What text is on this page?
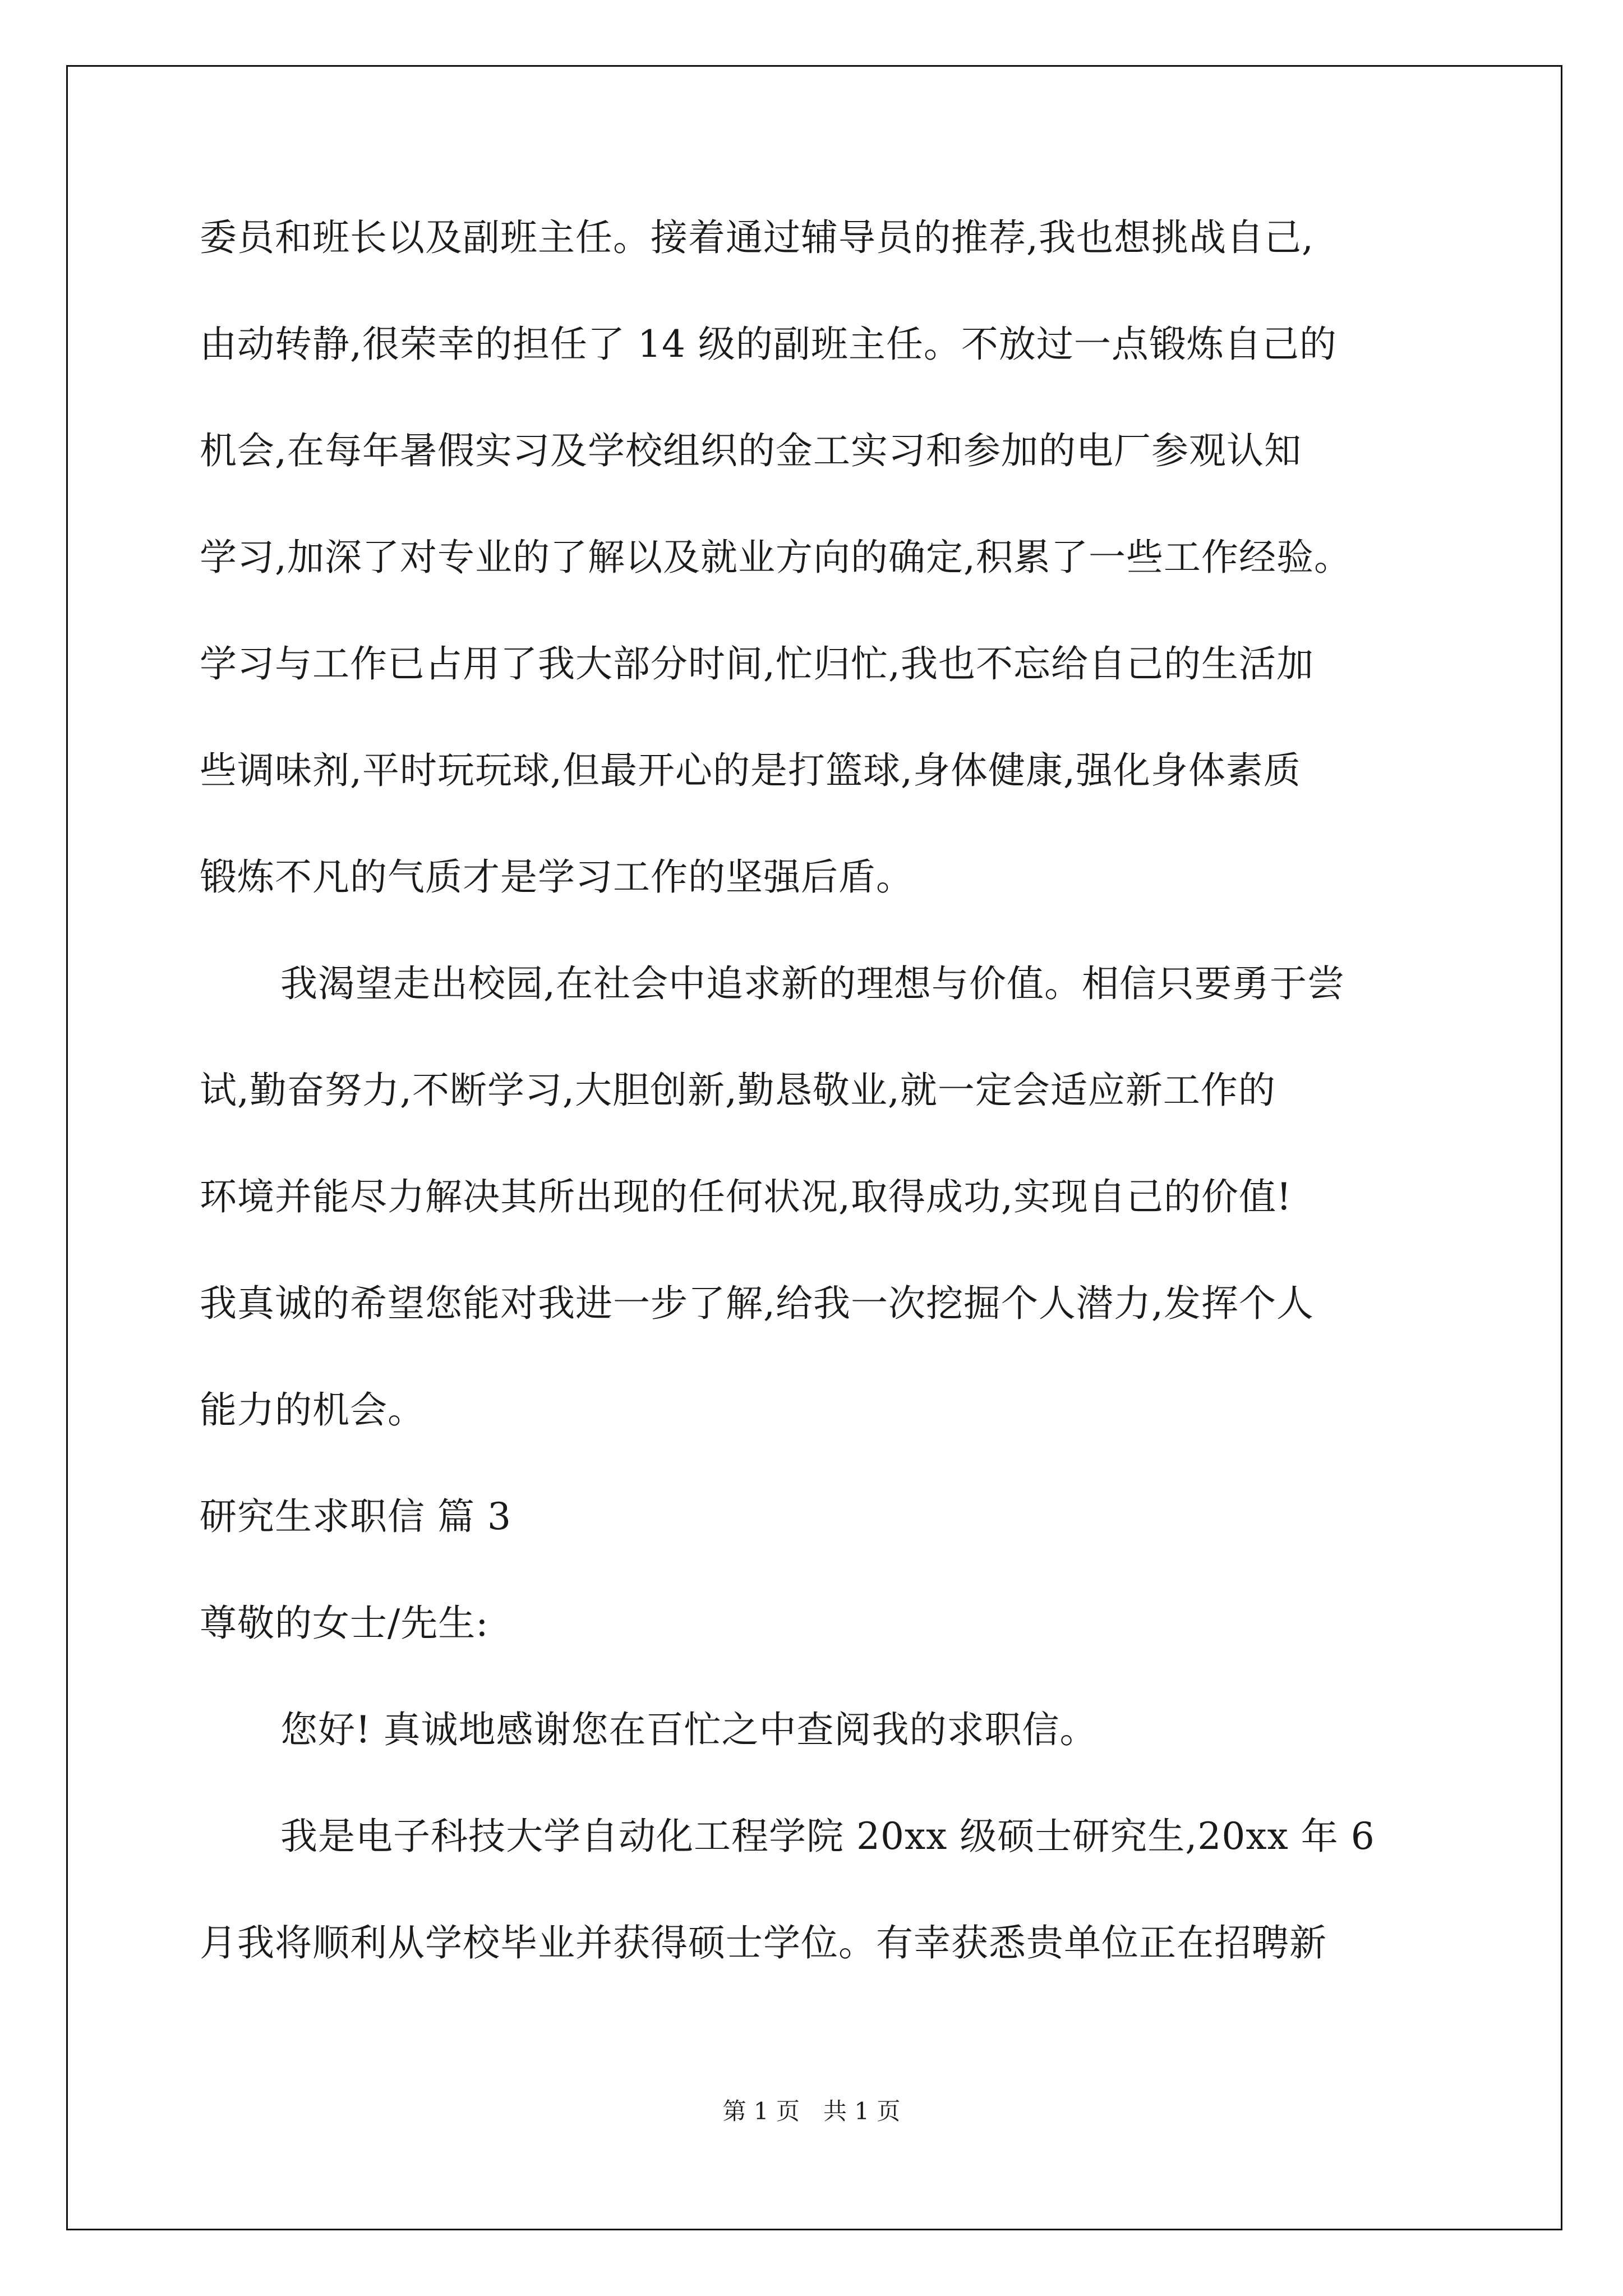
委员和班长以及副班主任。接着通过辅导员的推荐,我也想挑战自己,
由动转静,很荣幸的担任了 14 级的副班主任。不放过一点锻炼自己的
机会,在每年暑假实习及学校组织的金工实习和参加的电厂参观认知
学习,加深了对专业的了解以及就业方向的确定,积累了一些工作经验。
学习与工作已占用了我大部分时间,忙归忙,我也不忘给自己的生活加
些调味剂,平时玩玩球,但最开心的是打篮球,身体健康,强化身体素质
锻炼不凡的气质才是学习工作的坚强后盾。
我渴望走出校园,在社会中追求新的理想与价值。相信只要勇于尝
试,勤奋努力,不断学习,大胆创新,勤恳敬业,就一定会适应新工作的
环境并能尽力解决其所出现的任何状况,取得成功,实现自己的价值!
我真诚的希望您能对我进一步了解,给我一次挖掘个人潜力,发挥个人
能力的机会。
研究生求职信 篇 3
尊敬的女士/先生:
您好! 真诚地感谢您在百忙之中查阅我的求职信。
我是电子科技大学自动化工程学院 20xx 级硕士研究生,20xx 年 6
月我将顺利从学校毕业并获得硕士学位。有幸获悉贵单位正在招聘新
第 1 页　共 1 页
